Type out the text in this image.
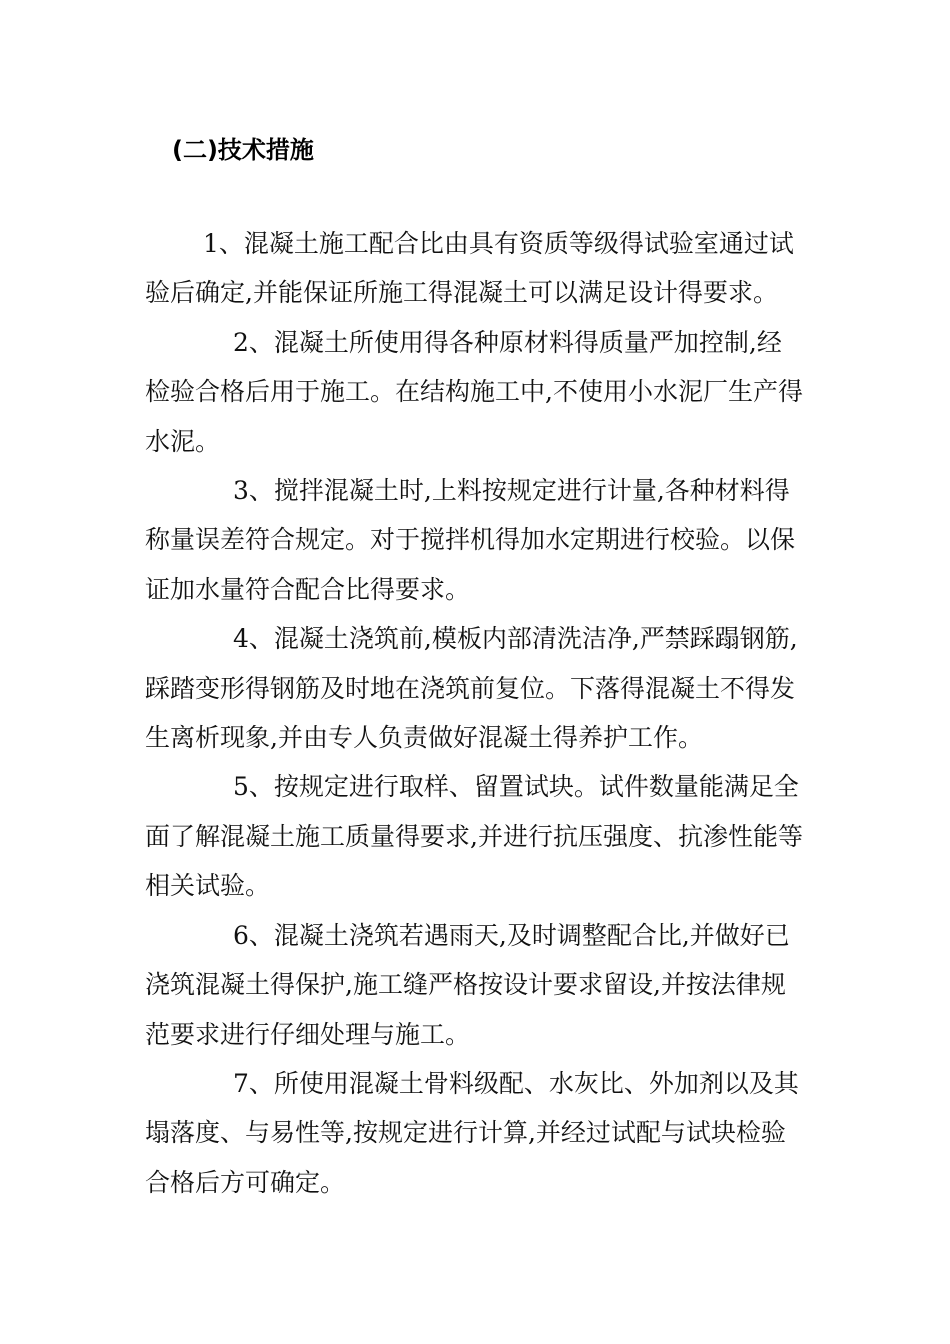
(二)技术措施

1、混凝土施工配合比由具有资质等级得试验室通过试验后确定,并能保证所施工得混凝土可以满足设计得要求。

2、混凝土所使用得各种原材料得质量严加控制,经检验合格后用于施工。在结构施工中,不使用小水泥厂生产得水泥。

3、搅拌混凝土时,上料按规定进行计量,各种材料得称量误差符合规定。对于搅拌机得加水定期进行校验。以保证加水量符合配合比得要求。

4、混凝土浇筑前,模板内部清洗洁净,严禁踩蹋钢筋,踩踏变形得钢筋及时地在浇筑前复位。下落得混凝土不得发生离析现象,并由专人负责做好混凝土得养护工作。

5、按规定进行取样、留置试块。试件数量能满足全面了解混凝土施工质量得要求,并进行抗压强度、抗渗性能等相关试验。

6、混凝土浇筑若遇雨天,及时调整配合比,并做好已浇筑混凝土得保护,施工缝严格按设计要求留设,并按法律规范要求进行仔细处理与施工。

7、所使用混凝土骨料级配、水灰比、外加剂以及其塌落度、与易性等,按规定进行计算,并经过试配与试块检验合格后方可确定。
